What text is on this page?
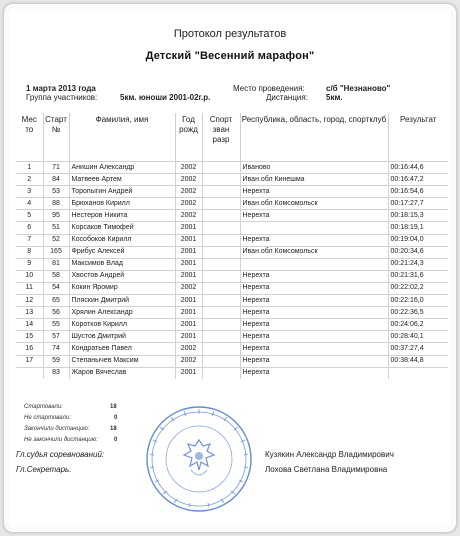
Протокол результатов
Детский "Весенний марафон"
1 марта 2013 года
Группа участников:	5км. юноши 2001-02г.р.
Место проведения:	с/б "Незнаново"
Дистанция: 5км.
Мес то	Старт №	Фамилия, имя	Год рожд	Спорт зван разр	Республика, область, город, спортклуб	Результат
1	71	Анишин Александр	2002		Иваново	00:16:44,6
2	84	Матвеев Артем	2002		Иван.обл Кинешма	00:16:47,2
3	53	Торопыгин Андрей	2002		Нерехта	00:16:54,6
4	88	Брюханов Кирилл	2002		Иван.обл Комсомольск	00:17:27,7
5	95	Нестеров Никита	2002		Нерехта	00:18:15,3
6	51	Корсаков Тимофей	2001			00:18:19,1
7	52	Кособоков Кирилл	2001		Нерехта	00:19:04,0
8	165	Фрибус Алексей	2001		Иван.обл Комсомольск	00:20:34,6
9	81	Максимов Влад	2001			00:21:24,3
10	58	Хвостов Андрей	2001		Нерехта	00:21:31,6
11	54	Кокин Яромир	2002		Нерехта	00:22:02,2
12	65	Пляскин Дмитрий	2001		Нерехта	00:22:16,0
13	56	Хрялин Александр	2001		Нерехта	00:22:36,5
14	55	Коротков Кирилл	2001		Нерехта	00:24:06,2
15	57	Шустов Дмитрий	2001		Нерехта	00:28:40,1
16	74	Кондратьев Павел	2002		Нерехта	00:37:27,4
17	59	Степанычев Максим	2002		Нерехта	00:38:44,8
	83	Жаров Вячеслав	2001		Нерехта	
Стартовали:	18
Не стартовали:	0
Закончили дистанцию:	18
Не закончили дистанцию:	0
Гл.судья соревнований:	Кузякин Александр Владимирович
Гл.Секретарь.	Лохова Светлана Владимировна
